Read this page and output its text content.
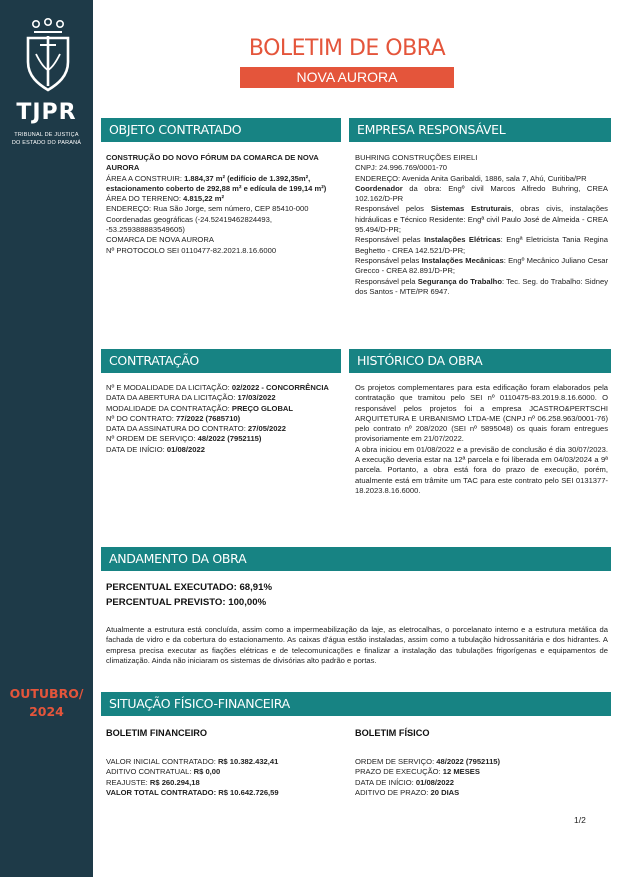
TJPR
TRIBUNAL DE JUSTIÇA
DO ESTADO DO PARANÁ
OUTUBRO/
2024
BOLETIM DE OBRA
NOVA AURORA
OBJETO CONTRATADO

CONSTRUÇÃO DO NOVO FÓRUM DA COMARCA DE NOVA AURORA

ÁREA A CONSTRUIR: 1.884,37 m² (edifício de 1.392,35m², estacionamento coberto de 292,88 m² e edícula de 199,14 m²)

ÁREA DO TERRENO: 4.815,22 m²

ENDEREÇO: Rua São Jorge, sem número, CEP 85410-000

Coordenadas geográficas (-24.52419462824493, -53.259388883549605)

COMARCA DE NOVA AURORA

Nº PROTOCOLO SEI 0110477-82.2021.8.16.6000

EMPRESA RESPONSÁVEL

BUHRING CONSTRUÇÕES EIRELI

CNPJ: 24.996.769/0001-70

ENDEREÇO: Avenida Anita Garibaldi, 1886, sala 7, Ahú, Curitiba/PR

Coordenador da obra: Engº civil Marcos Alfredo Buhring, CREA 102.162/D-PR

Responsável pelos Sistemas Estruturais, obras civis, instalações hidráulicas e Técnico Residente: Engª civil Paulo José de Almeida - CREA 95.494/D-PR;

Responsável pelas Instalações Elétricas: Engª Eletricista Tania Regina Beghetto - CREA 142.521/D-PR;

Responsável pelas Instalações Mecânicas: Engº Mecânico Juliano Cesar Grecco - CREA 82.891/D-PR;

Responsável pela Segurança do Trabalho: Tec. Seg. do Trabalho: Sidney dos Santos - MTE/PR 6947.

CONTRATAÇÃO

Nº E MODALIDADE DA LICITAÇÃO: 02/2022 - CONCORRÊNCIA

DATA DA ABERTURA DA LICITAÇÃO: 17/03/2022

MODALIDADE DA CONTRATAÇÃO: PREÇO GLOBAL

Nº DO CONTRATO: 77/2022 (7685710)

DATA DA ASSINATURA DO CONTRATO: 27/05/2022

Nº ORDEM DE SERVIÇO: 48/2022 (7952115)

DATA DE INÍCIO: 01/08/2022

HISTÓRICO DA OBRA

Os projetos complementares para esta edificação foram elaborados pela contratação que tramitou pelo SEI nº 0110475-83.2019.8.16.6000. O responsável pelos projetos foi a empresa JCASTRO&PERTSCHI ARQUITETURA E URBANISMO LTDA-ME (CNPJ nº 06.258.963/0001-76) pelo contrato nº 208/2020 (SEI nº 5895048) os quais foram entregues provisoriamente em 21/07/2022.

A obra iniciou em 01/08/2022 e a previsão de conclusão é dia 30/07/2023. A execução deveria estar na 12ª parcela e foi liberada em 04/03/2024 a 9ª parcela. Portanto, a obra está fora do prazo de execução, porém, atualmente está em trâmite um TAC para este contrato pelo SEI 0131377-18.2023.8.16.6000.

ANDAMENTO DA OBRA
PERCENTUAL EXECUTADO: 68,91%
PERCENTUAL PREVISTO: 100,00%

Atualmente a estrutura está concluída, assim como a impermeabilização da laje, as eletrocalhas, o porcelanato interno e a estrutura metálica da fachada de vidro e da cobertura do estacionamento. As caixas d'água estão instaladas, assim como a tubulação hidrossanitária e dos hidrantes. A empresa precisa executar as fiações elétricas e de telecomunicações e finalizar a instalação das tubulações frigorígenas e equipamentos de climatização. Ainda não iniciaram os sistemas de divisórias alto padrão e portas.

SITUAÇÃO FÍSICO-FINANCEIRA
BOLETIM FINANCEIRO

VALOR INICIAL CONTRATADO: R$ 10.382.432,41

ADITIVO CONTRATUAL: R$ 0,00

REAJUSTE: R$ 260.294,18

VALOR TOTAL CONTRATADO: R$ 10.642.726,59

BOLETIM FÍSICO

ORDEM DE SERVIÇO: 48/2022 (7952115)

PRAZO DE EXECUÇÃO: 12 MESES

DATA DE INÍCIO: 01/08/2022

ADITIVO DE PRAZO: 20 DIAS

1/2
